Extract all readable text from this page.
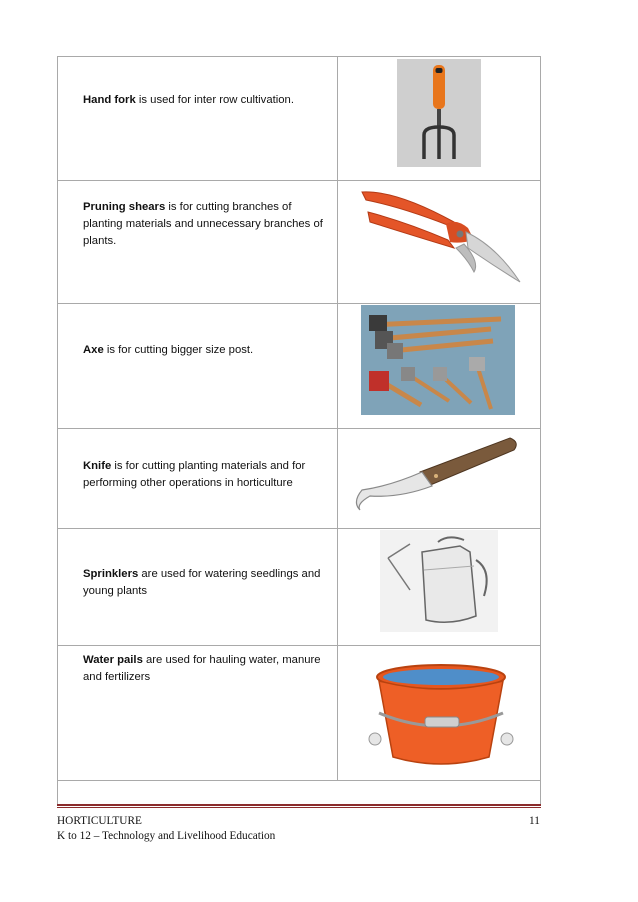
Hand fork is used for inter row cultivation.
Pruning shears is for cutting branches of planting materials and unnecessary branches of plants.
Axe is for cutting bigger size post.
Knife is for cutting planting materials and for performing other operations in horticulture
Sprinklers are used for watering seedlings and young plants
Water pails are used for hauling water, manure and fertilizers
HORTICULTURE	11
K to 12 – Technology and Livelihood Education
